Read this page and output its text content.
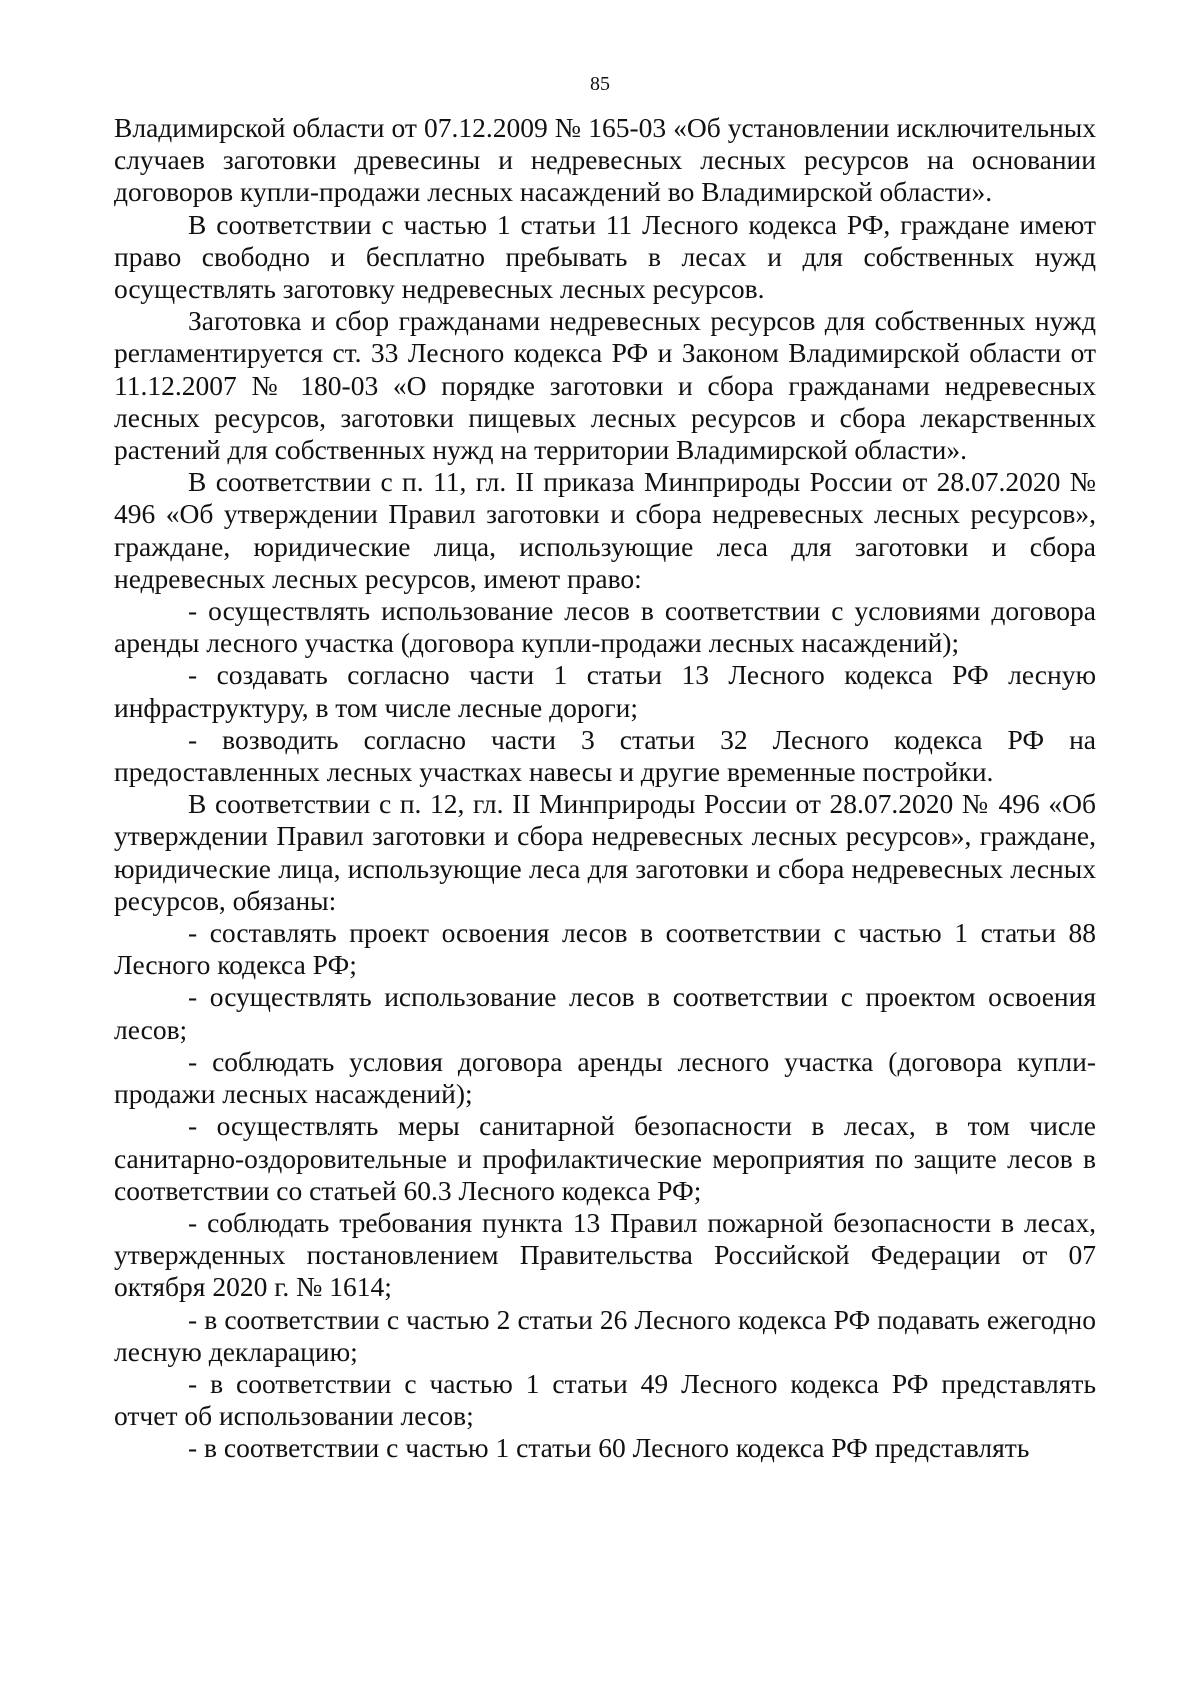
85

Владимирской области от 07.12.2009 № 165-03 «Об установлении исключительных случаев заготовки древесины и недревесных лесных ресурсов на основании договоров купли-продажи лесных насаждений во Владимирской области».

В соответствии с частью 1 статьи 11 Лесного кодекса РФ, граждане имеют право свободно и бесплатно пребывать в лесах и для собственных нужд осуществлять заготовку недревесных лесных ресурсов.

Заготовка и сбор гражданами недревесных ресурсов для собственных нужд регламентируется ст. 33 Лесного кодекса РФ и Законом Владимирской области от 11.12.2007 № 180-03 «О порядке заготовки и сбора гражданами недревесных лесных ресурсов, заготовки пищевых лесных ресурсов и сбора лекарственных растений для собственных нужд на территории Владимирской области».

В соответствии с п. 11, гл. II приказа Минприроды России от 28.07.2020 № 496 «Об утверждении Правил заготовки и сбора недревесных лесных ресурсов», граждане, юридические лица, использующие леса для заготовки и сбора недревесных лесных ресурсов, имеют право:

- осуществлять использование лесов в соответствии с условиями договора аренды лесного участка (договора купли-продажи лесных насаждений);

- создавать согласно части 1 статьи 13 Лесного кодекса РФ лесную инфраструктуру, в том числе лесные дороги;

- возводить согласно части 3 статьи 32 Лесного кодекса РФ на предоставленных лесных участках навесы и другие временные постройки.

В соответствии с п. 12, гл. II Минприроды России от 28.07.2020 № 496 «Об утверждении Правил заготовки и сбора недревесных лесных ресурсов», граждане, юридические лица, использующие леса для заготовки и сбора недревесных лесных ресурсов, обязаны:

- составлять проект освоения лесов в соответствии с частью 1 статьи 88 Лесного кодекса РФ;

- осуществлять использование лесов в соответствии с проектом освоения лесов;

- соблюдать условия договора аренды лесного участка (договора купли-продажи лесных насаждений);

- осуществлять меры санитарной безопасности в лесах, в том числе санитарно-оздоровительные и профилактические мероприятия по защите лесов в соответствии со статьей 60.3 Лесного кодекса РФ;

- соблюдать требования пункта 13 Правил пожарной безопасности в лесах, утвержденных постановлением Правительства Российской Федерации от 07 октября 2020 г. № 1614;

- в соответствии с частью 2 статьи 26 Лесного кодекса РФ подавать ежегодно лесную декларацию;

- в соответствии с частью 1 статьи 49 Лесного кодекса РФ представлять отчет об использовании лесов;

- в соответствии с частью 1 статьи 60 Лесного кодекса РФ представлять
